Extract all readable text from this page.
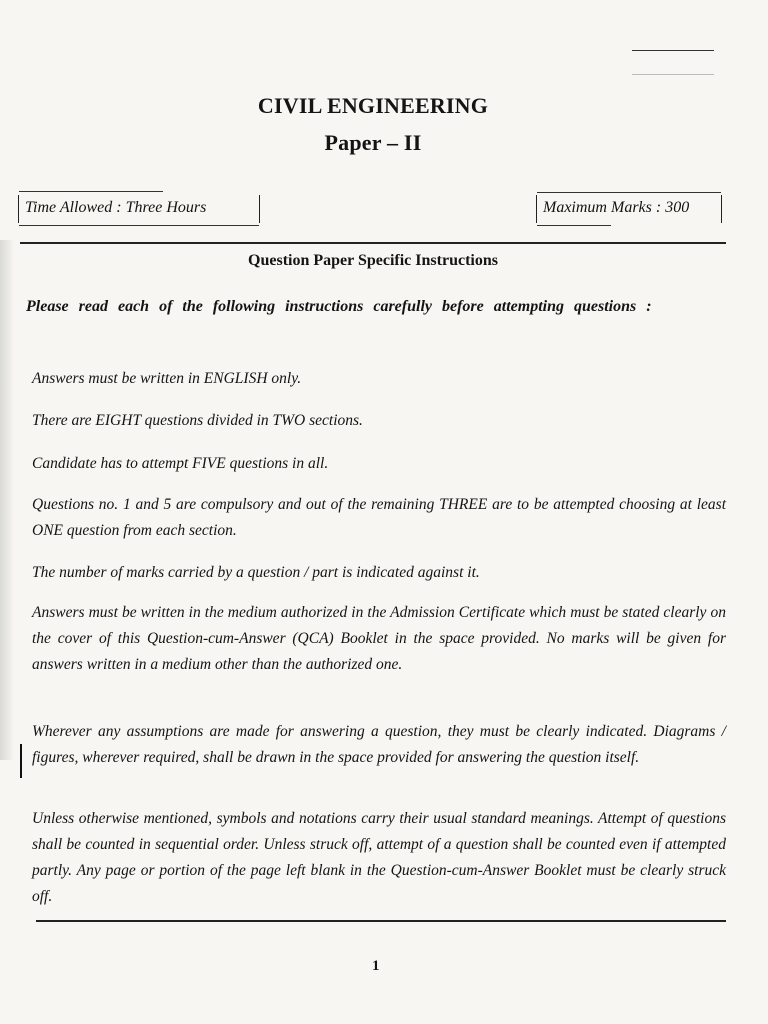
CIVIL ENGINEERING
Paper – II
Time Allowed : Three Hours	Maximum Marks : 300
Question Paper Specific Instructions
Please read each of the following instructions carefully before attempting questions :
Answers must be written in ENGLISH only.
There are EIGHT questions divided in TWO sections.
Candidate has to attempt FIVE questions in all.
Questions no. 1 and 5 are compulsory and out of the remaining THREE are to be attempted choosing at least ONE question from each section.
The number of marks carried by a question / part is indicated against it.
Answers must be written in the medium authorized in the Admission Certificate which must be stated clearly on the cover of this Question-cum-Answer (QCA) Booklet in the space provided. No marks will be given for answers written in a medium other than the authorized one.
Wherever any assumptions are made for answering a question, they must be clearly indicated. Diagrams / figures, wherever required, shall be drawn in the space provided for answering the question itself.
Unless otherwise mentioned, symbols and notations carry their usual standard meanings. Attempt of questions shall be counted in sequential order. Unless struck off, attempt of a question shall be counted even if attempted partly. Any page or portion of the page left blank in the Question-cum-Answer Booklet must be clearly struck off.
1
